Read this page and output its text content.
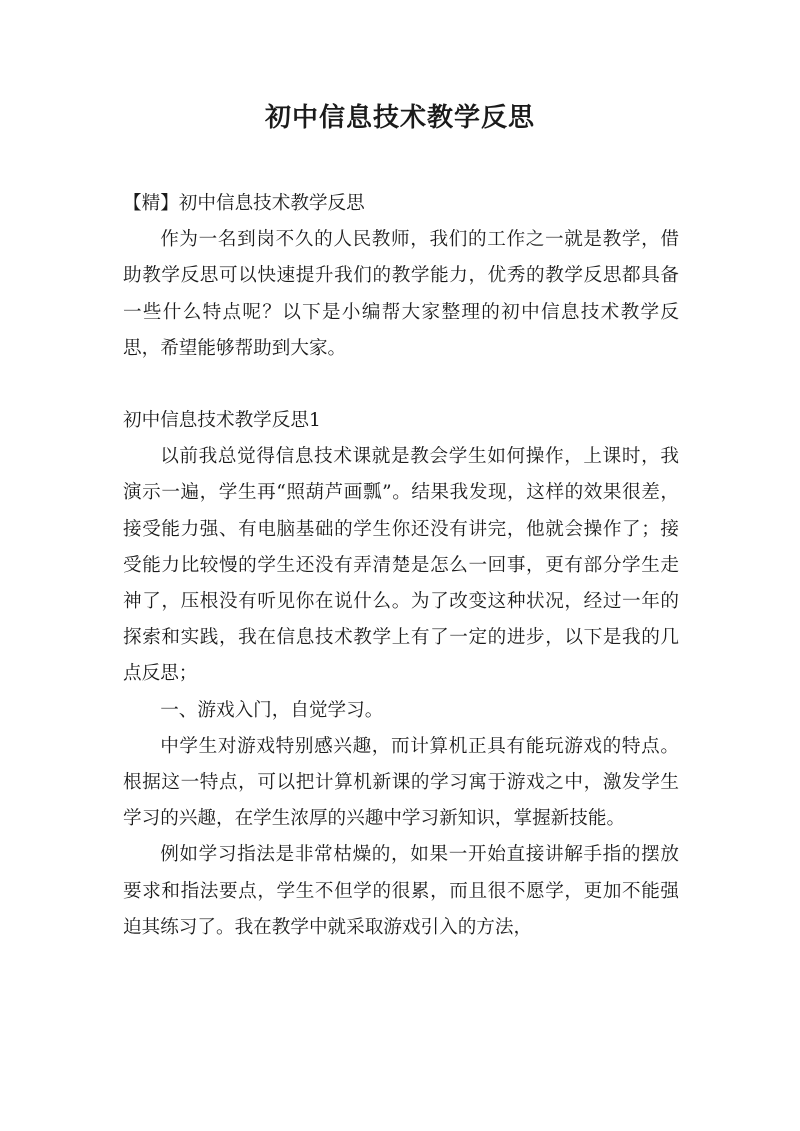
初中信息技术教学反思

【精】初中信息技术教学反思

作为一名到岗不久的人民教师，我们的工作之一就是教学，借助教学反思可以快速提升我们的教学能力，优秀的教学反思都具备一些什么特点呢？以下是小编帮大家整理的初中信息技术教学反思，希望能够帮助到大家。

初中信息技术教学反思1

以前我总觉得信息技术课就是教会学生如何操作，上课时，我演示一遍，学生再“照葫芦画瓢”。结果我发现，这样的效果很差，接受能力强、有电脑基础的学生你还没有讲完，他就会操作了；接受能力比较慢的学生还没有弄清楚是怎么一回事，更有部分学生走神了，压根没有听见你在说什么。为了改变这种状况，经过一年的探索和实践，我在信息技术教学上有了一定的进步，以下是我的几点反思；

一、游戏入门，自觉学习。

中学生对游戏特别感兴趣，而计算机正具有能玩游戏的特点。根据这一特点，可以把计算机新课的学习寓于游戏之中，激发学生学习的兴趣，在学生浓厚的兴趣中学习新知识，掌握新技能。

例如学习指法是非常枯燥的，如果一开始直接讲解手指的摆放要求和指法要点，学生不但学的很累，而且很不愿学，更加不能强迫其练习了。我在教学中就采取游戏引入的方法，
